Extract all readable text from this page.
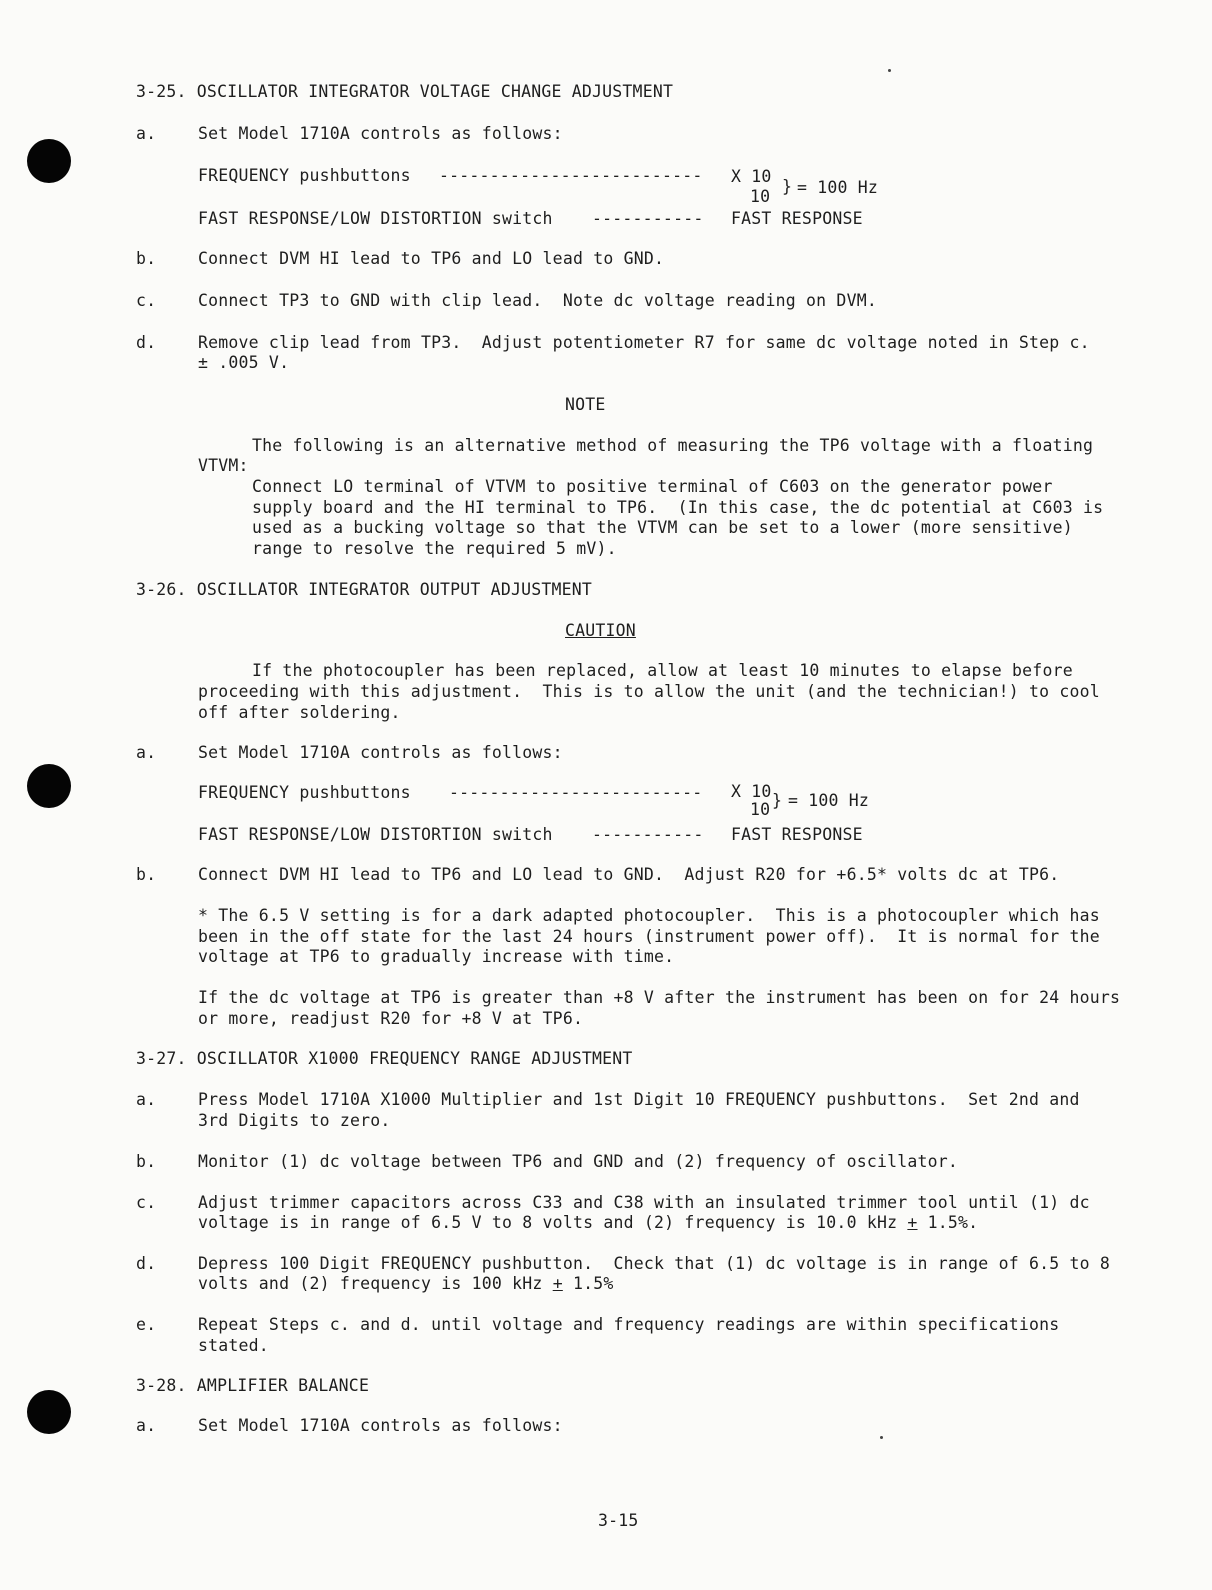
3-25. OSCILLATOR INTEGRATOR VOLTAGE CHANGE ADJUSTMENT
a.	Set Model 1710A controls as follows:
FREQUENCY pushbuttons -------------------------- X 10
10
} = 100 Hz
FAST RESPONSE/LOW DISTORTION switch ----------- FAST RESPONSE
b.	Connect DVM HI lead to TP6 and LO lead to GND.
c.	Connect TP3 to GND with clip lead.  Note dc voltage reading on DVM.
d.	Remove clip lead from TP3.  Adjust potentiometer R7 for same dc voltage noted in Step c.
± .005 V.
NOTE
The following is an alternative method of measuring the TP6 voltage with a floating
VTVM:
Connect LO terminal of VTVM to positive terminal of C603 on the generator power
supply board and the HI terminal to TP6.  (In this case, the dc potential at C603 is
used as a bucking voltage so that the VTVM can be set to a lower (more sensitive)
range to resolve the required 5 mV).
3-26. OSCILLATOR INTEGRATOR OUTPUT ADJUSTMENT
CAUTION
If the photocoupler has been replaced, allow at least 10 minutes to elapse before
proceeding with this adjustment.  This is to allow the unit (and the technician!) to cool
off after soldering.
a.	Set Model 1710A controls as follows:
FREQUENCY pushbuttons ------------------------- X 10
10 } = 100 Hz
FAST RESPONSE/LOW DISTORTION switch ----------- FAST RESPONSE
b.	Connect DVM HI lead to TP6 and LO lead to GND.  Adjust R20 for +6.5* volts dc at TP6.
* The 6.5 V setting is for a dark adapted photocoupler.  This is a photocoupler which has
been in the off state for the last 24 hours (instrument power off).  It is normal for the
voltage at TP6 to gradually increase with time.
If the dc voltage at TP6 is greater than +8 V after the instrument has been on for 24 hours
or more, readjust R20 for +8 V at TP6.
3-27. OSCILLATOR X1000 FREQUENCY RANGE ADJUSTMENT
a.	Press Model 1710A X1000 Multiplier and 1st Digit 10 FREQUENCY pushbuttons.  Set 2nd and
3rd Digits to zero.
b.	Monitor (1) dc voltage between TP6 and GND and (2) frequency of oscillator.
c.	Adjust trimmer capacitors across C33 and C38 with an insulated trimmer tool until (1) dc
voltage is in range of 6.5 V to 8 volts and (2) frequency is 10.0 kHz + 1.5%.
d.	Depress 100 Digit FREQUENCY pushbutton.  Check that (1) dc voltage is in range of 6.5 to 8
volts and (2) frequency is 100 kHz + 1.5%
e.	Repeat Steps c. and d. until voltage and frequency readings are within specifications
stated.
3-28. AMPLIFIER BALANCE
a.	Set Model 1710A controls as follows:
3-15
